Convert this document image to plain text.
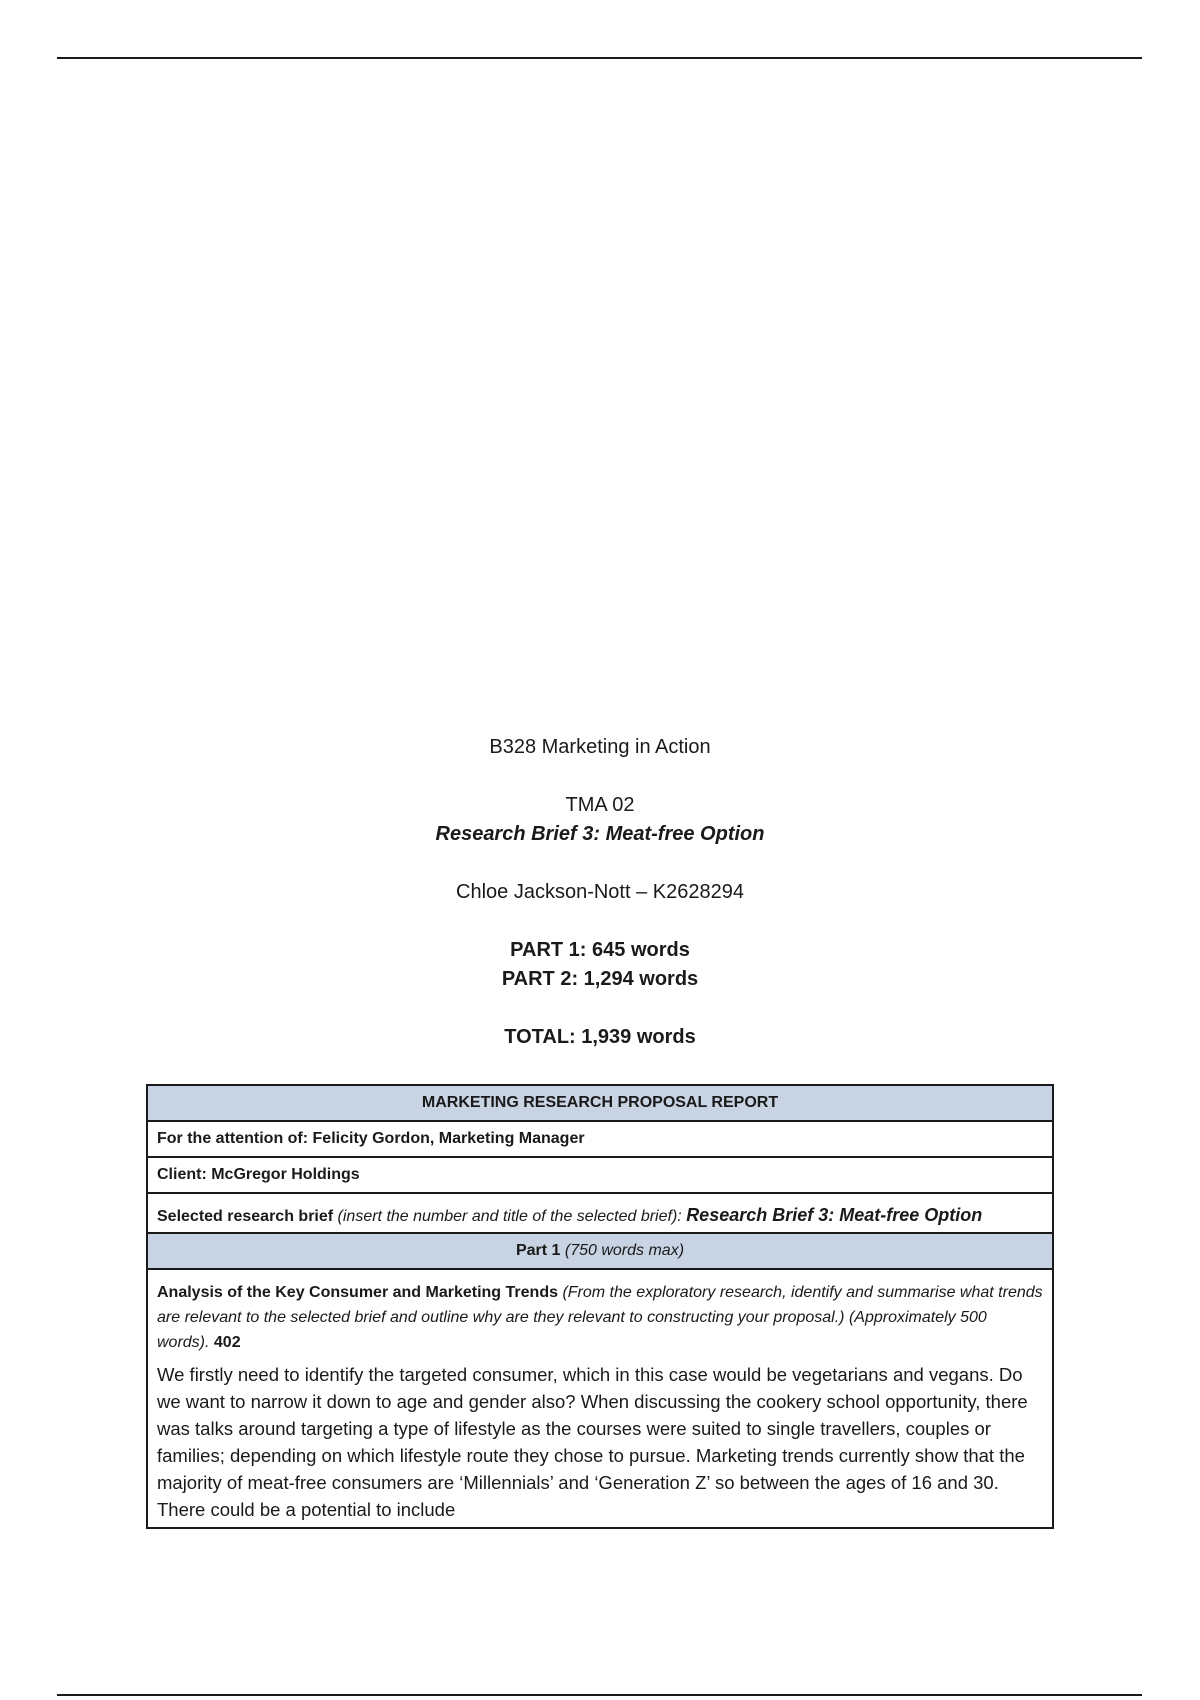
B328 Marketing in Action
TMA 02
Research Brief 3: Meat-free Option
Chloe Jackson-Nott – K2628294
PART 1: 645 words
PART 2: 1,294 words
TOTAL: 1,939 words
MARKETING RESEARCH PROPOSAL REPORT
For the attention of: Felicity Gordon, Marketing Manager
Client: McGregor Holdings
Selected research brief (insert the number and title of the selected brief): Research Brief 3: Meat-free Option
Part 1 (750 words max)

Analysis of the Key Consumer and Marketing Trends (From the exploratory research, identify and summarise what trends are relevant to the selected brief and outline why are they relevant to constructing your proposal.) (Approximately 500 words). 402

We firstly need to identify the targeted consumer, which in this case would be vegetarians and vegans. Do we want to narrow it down to age and gender also? When discussing the cookery school opportunity, there was talks around targeting a type of lifestyle as the courses were suited to single travellers, couples or families; depending on which lifestyle route they chose to pursue. Marketing trends currently show that the majority of meat-free consumers are ‘Millennials’ and ‘Generation Z’ so between the ages of 16 and 30. There could be a potential to include
